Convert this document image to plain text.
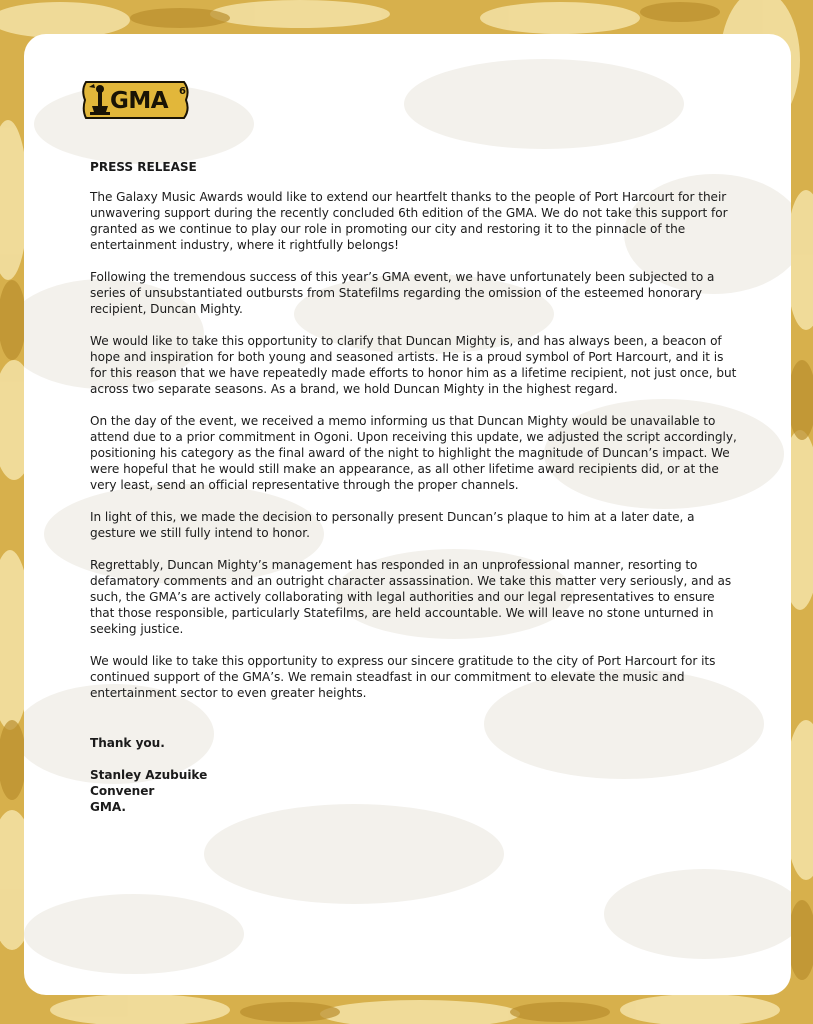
GMA 6

PRESS RELEASE

The Galaxy Music Awards would like to extend our heartfelt thanks to the people of Port Harcourt for their unwavering support during the recently concluded 6th edition of the GMA. We do not take this support for granted as we continue to play our role in promoting our city and restoring it to the pinnacle of the entertainment industry, where it rightfully belongs!

Following the tremendous success of this year’s GMA event, we have unfortunately been subjected to a series of unsubstantiated outbursts from Statefilms regarding the omission of the esteemed honorary recipient, Duncan Mighty.

We would like to take this opportunity to clarify that Duncan Mighty is, and has always been, a beacon of hope and inspiration for both young and seasoned artists. He is a proud symbol of Port Harcourt, and it is for this reason that we have repeatedly made efforts to honor him as a lifetime recipient, not just once, but across two separate seasons. As a brand, we hold Duncan Mighty in the highest regard.

On the day of the event, we received a memo informing us that Duncan Mighty would be unavailable to attend due to a prior commitment in Ogoni. Upon receiving this update, we adjusted the script accordingly, positioning his category as the final award of the night to highlight the magnitude of Duncan’s impact. We were hopeful that he would still make an appearance, as all other lifetime award recipients did, or at the very least, send an official representative through the proper channels.

In light of this, we made the decision to personally present Duncan’s plaque to him at a later date, a gesture we still fully intend to honor.

Regrettably, Duncan Mighty’s management has responded in an unprofessional manner, resorting to defamatory comments and an outright character assassination. We take this matter very seriously, and as such, the GMA’s are actively collaborating with legal authorities and our legal representatives to ensure that those responsible, particularly Statefilms, are held accountable. We will leave no stone unturned in seeking justice.

We would like to take this opportunity to express our sincere gratitude to the city of Port Harcourt for its continued support of the GMA’s. We remain steadfast in our commitment to elevate the music and entertainment sector to even greater heights.

Thank you.

Stanley Azubuike

Convener

GMA.
